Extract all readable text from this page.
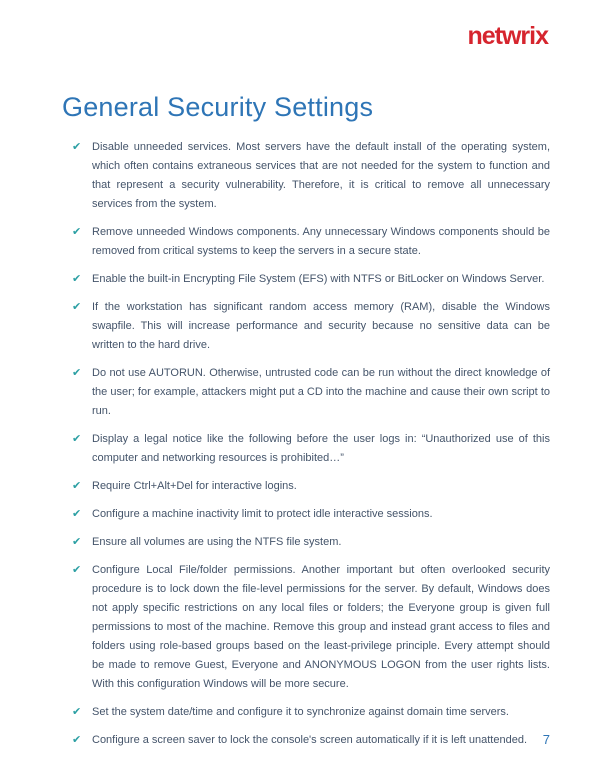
netwrix
General Security Settings
✔ Disable unneeded services. Most servers have the default install of the operating system, which often contains extraneous services that are not needed for the system to function and that represent a security vulnerability. Therefore, it is critical to remove all unnecessary services from the system.
✔ Remove unneeded Windows components. Any unnecessary Windows components should be removed from critical systems to keep the servers in a secure state.
✔ Enable the built-in Encrypting File System (EFS) with NTFS or BitLocker on Windows Server.
✔ If the workstation has significant random access memory (RAM), disable the Windows swapfile. This will increase performance and security because no sensitive data can be written to the hard drive.
✔ Do not use AUTORUN. Otherwise, untrusted code can be run without the direct knowledge of the user; for example, attackers might put a CD into the machine and cause their own script to run.
✔ Display a legal notice like the following before the user logs in: “Unauthorized use of this computer and networking resources is prohibited…”
✔ Require Ctrl+Alt+Del for interactive logins.
✔ Configure a machine inactivity limit to protect idle interactive sessions.
✔ Ensure all volumes are using the NTFS file system.
✔ Configure Local File/folder permissions. Another important but often overlooked security procedure is to lock down the file-level permissions for the server. By default, Windows does not apply specific restrictions on any local files or folders; the Everyone group is given full permissions to most of the machine. Remove this group and instead grant access to files and folders using role-based groups based on the least-privilege principle. Every attempt should be made to remove Guest, Everyone and ANONYMOUS LOGON from the user rights lists. With this configuration Windows will be more secure.
✔ Set the system date/time and configure it to synchronize against domain time servers.
✔ Configure a screen saver to lock the console's screen automatically if it is left unattended.	7
